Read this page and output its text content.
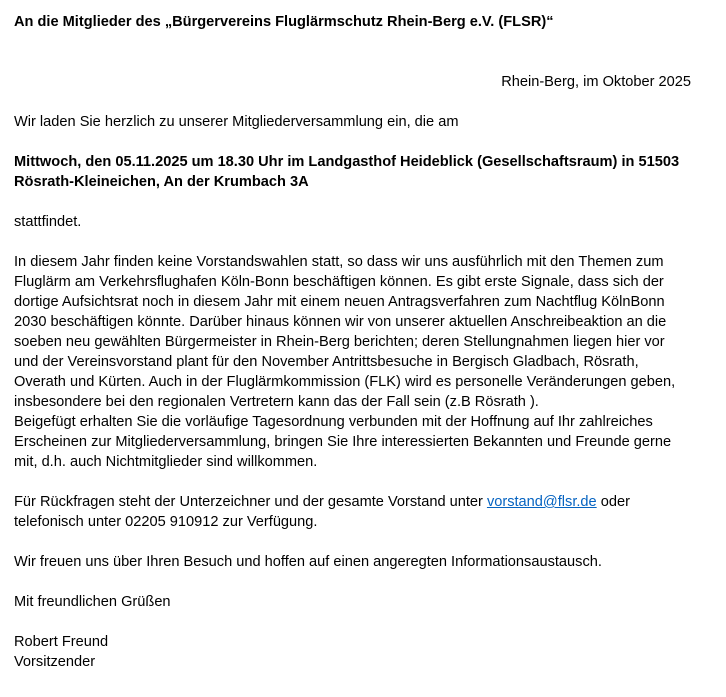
An die Mitglieder des „Bürgervereins Fluglärmschutz Rhein-Berg e.V. (FLSR)“

Rhein-Berg, im Oktober 2025

Wir laden Sie herzlich zu unserer Mitgliederversammlung ein, die am

Mittwoch, den 05.11.2025 um 18.30 Uhr im Landgasthof Heideblick (Gesellschaftsraum) in 51503

Rösrath-Kleineichen, An der Krumbach 3A

stattfindet.

In diesem Jahr finden keine Vorstandswahlen statt, so dass wir uns ausführlich mit den Themen zum

Fluglärm am Verkehrsflughafen Köln-Bonn beschäftigen können. Es gibt erste Signale, dass sich der

dortige Aufsichtsrat noch in diesem Jahr mit einem neuen Antragsverfahren zum Nachtflug KölnBonn

2030 beschäftigen könnte. Darüber hinaus können wir von unserer aktuellen Anschreibeaktion an die

soeben neu gewählten Bürgermeister in Rhein-Berg berichten; deren Stellungnahmen liegen hier vor

und der Vereinsvorstand plant für den November Antrittsbesuche in Bergisch Gladbach, Rösrath,

Overath und Kürten. Auch in der Fluglärmkommission (FLK) wird es personelle Veränderungen geben,

insbesondere bei den regionalen Vertretern kann das der Fall sein (z.B Rösrath ).

Beigefügt erhalten Sie die vorläufige Tagesordnung verbunden mit der Hoffnung auf Ihr zahlreiches

Erscheinen zur Mitgliederversammlung, bringen Sie Ihre interessierten Bekannten und Freunde gerne

mit, d.h. auch Nichtmitglieder sind willkommen.

Für Rückfragen steht der Unterzeichner und der gesamte Vorstand unter vorstand@flsr.de oder

telefonisch unter 02205 910912 zur Verfügung.

Wir freuen uns über Ihren Besuch und hoffen auf einen angeregten Informationsaustausch.

Mit freundlichen Grüßen

Robert Freund

Vorsitzender
